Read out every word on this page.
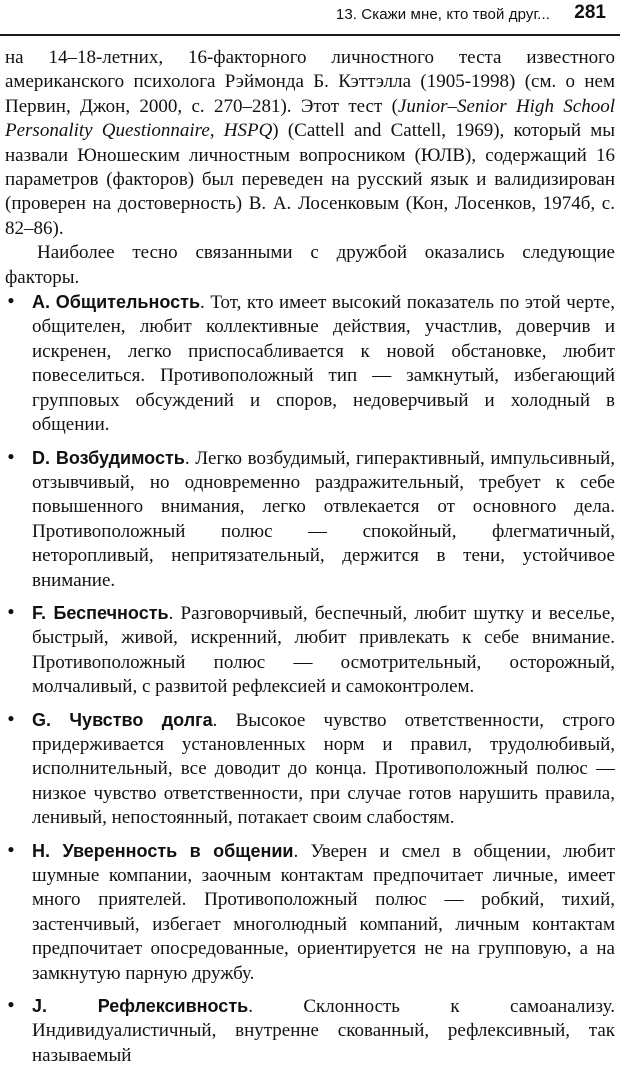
13. Скажи мне, кто твой друг... 281

на 14–18-летних, 16-факторного личностного теста известного американского психолога Рэймонда Б. Кэттэлла (1905-1998) (см. о нем Первин, Джон, 2000, с. 270–281). Этот тест (Junior–Senior High School Personality Questionnaire, HSPQ) (Cattell and Cattell, 1969), который мы назвали Юношеским личностным вопросником (ЮЛВ), содержащий 16 параметров (факторов) был переведен на русский язык и валидизирован (проверен на достоверность) В. А. Лосенковым (Кон, Лосенков, 1974б, с. 82–86).

Наиболее тесно связанными с дружбой оказались следующие факторы.

• A. Общительность. Тот, кто имеет высокий показатель по этой черте, общителен, любит коллективные действия, участлив, доверчив и искренен, легко приспосабливается к новой обстановке, любит повеселиться. Противоположный тип — замкнутый, избегающий групповых обсуждений и споров, недоверчивый и холодный в общении.
• D. Возбудимость. Легко возбудимый, гиперактивный, импульсивный, отзывчивый, но одновременно раздражительный, требует к себе повышенного внимания, легко отвлекается от основного дела. Противоположный полюс — спокойный, флегматичный, неторопливый, непритязательный, держится в тени, устойчивое внимание.
• F. Беспечность. Разговорчивый, беспечный, любит шутку и веселье, быстрый, живой, искренний, любит привлекать к себе внимание. Противоположный полюс — осмотрительный, осторожный, молчаливый, с развитой рефлексией и самоконтролем.
• G. Чувство долга. Высокое чувство ответственности, строго придерживается установленных норм и правил, трудолюбивый, исполнительный, все доводит до конца. Противоположный полюс — низкое чувство ответственности, при случае готов нарушить правила, ленивый, непостоянный, потакает своим слабостям.
• H. Уверенность в общении. Уверен и смел в общении, любит шумные компании, заочным контактам предпочитает личные, имеет много приятелей. Противоположный полюс — робкий, тихий, застенчивый, избегает многолюдный компаний, личным контактам предпочитает опосредованные, ориентируется не на групповую, а на замкнутую парную дружбу.
• J. Рефлексивность. Склонность к самоанализу. Индивидуалистичный, внутренне скованный, рефлексивный, так называемый
